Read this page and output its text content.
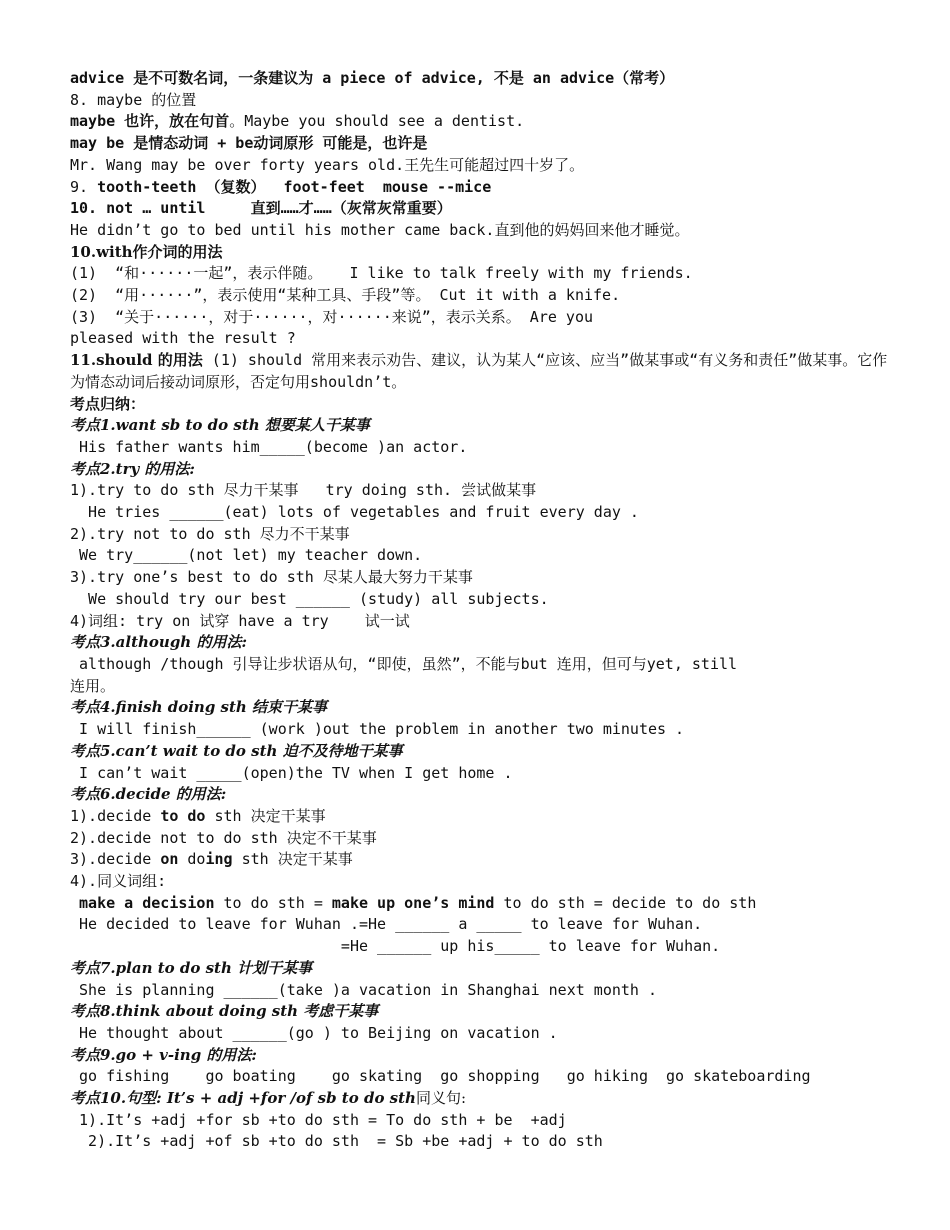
advice 是不可数名词，一条建议为 a piece of advice, 不是 an advice（常考）
8. maybe 的位置
maybe 也许，放在句首。Maybe you should see a dentist.
may be 是情态动词 + be动词原形 可能是，也许是
Mr. Wang may be over forty years old.王先生可能超过四十岁了。
9. tooth-teeth （复数）  foot-feet  mouse --mice
10. not … until     直到……才……（灰常灰常重要）
He didn’t go to bed until his mother came back.直到他的妈妈回来他才睡觉。
10.with作介词的用法
(1)  “和······一起”，表示伴随。   I like to talk freely with my friends.
(2)  “用······”，表示使用“某种工具、手段”等。 Cut it with a knife.
(3)  “关于······，对于······，对······来说”，表示关系。 Are you
pleased with the result ?
11.should 的用法 (1) should 常用来表示劝告、建议，认为某人“应该、应当”做某事或“有义务和责任”做某事。它作为情态动词后接动词原形，否定句用shouldn’t。
考点归纳：
考点1.want sb to do sth 想要某人干某事
His father wants him_____(become )an actor.
考点2.try 的用法:
1).try to do sth 尽力干某事   try doing sth. 尝试做某事
He tries ______(eat) lots of vegetables and fruit every day .
2).try not to do sth 尽力不干某事
We try______(not let) my teacher down.
3).try one’s best to do sth 尽某人最大努力干某事
We should try our best ______ (study) all subjects.
4)词组: try on 试穿 have a try    试一试
考点3.although 的用法:
although /though 引导让步状语从句，“即使，虽然”，不能与but 连用，但可与yet, still
连用。
考点4.finish doing sth 结束干某事
I will finish______ (work )out the problem in another two minutes .
考点5.can’t wait to do sth 迫不及待地干某事
I can’t wait _____(open)the TV when I get home .
考点6.decide 的用法:
1).decide to do sth 决定干某事
2).decide not to do sth 决定不干某事
3).decide on doing sth 决定干某事
4).同义词组:
make a decision to do sth = make up one’s mind to do sth = decide to do sth
He decided to leave for Wuhan .=He ______ a _____ to leave for Wuhan.
=He ______ up his_____ to leave for Wuhan.
考点7.plan to do sth 计划干某事
She is planning ______(take )a vacation in Shanghai next month .
考点8.think about doing sth 考虑干某事
He thought about ______(go ) to Beijing on vacation .
考点9.go + v-ing 的用法:
go fishing    go boating    go skating  go shopping   go hiking  go skateboarding
考点10.句型: It’s + adj +for /of sb to do sth同义句:
1).It’s +adj +for sb +to do sth = To do sth + be  +adj
2).It’s +adj +of sb +to do sth  = Sb +be +adj + to do sth
